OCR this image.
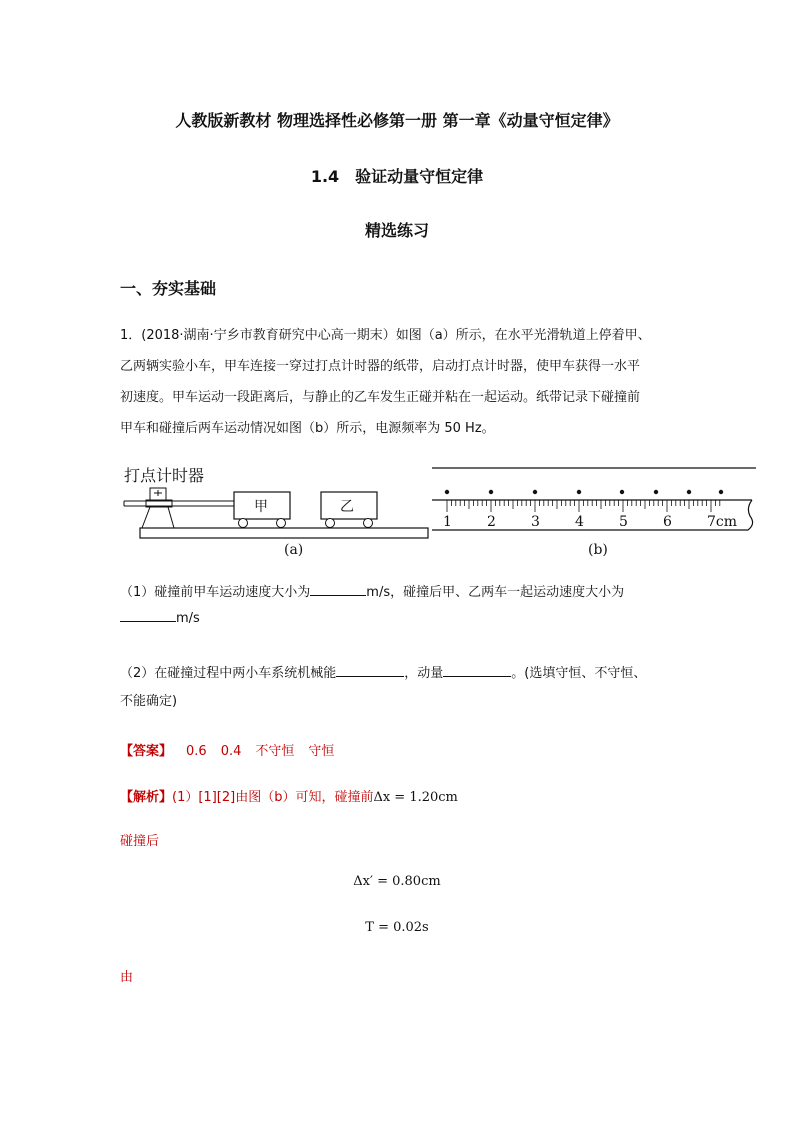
人教版新教材 物理选择性必修第一册 第一章《动量守恒定律》
1.4　验证动量守恒定律
精选练习
一、夯实基础
1．(2018·湖南·宁乡市教育研究中心高一期末）如图（a）所示，在水平光滑轨道上停着甲、
乙两辆实验小车，甲车连接一穿过打点计时器的纸带，启动打点计时器，使甲车获得一水平
初速度。甲车运动一段距离后，与静止的乙车发生正碰并粘在一起运动。纸带记录下碰撞前
甲车和碰撞后两车运动情况如图（b）所示，电源频率为 50 Hz。
打点计时器
甲	乙
(a)
1	2	3	4	5	6	7cm
(b)
（1）碰撞前甲车运动速度大小为	m/s，碰撞后甲、乙两车一起运动速度大小为
m/s
（2）在碰撞过程中两小车系统机械能	，动量	。(选填守恒、不守恒、
不能确定)
【答案】 0.6 0.4 不守恒 守恒
【解析】(1）[1][2]由图（b）可知，碰撞前Δx = 1.20cm
碰撞后
Δx′ = 0.80cm
T = 0.02s
由
